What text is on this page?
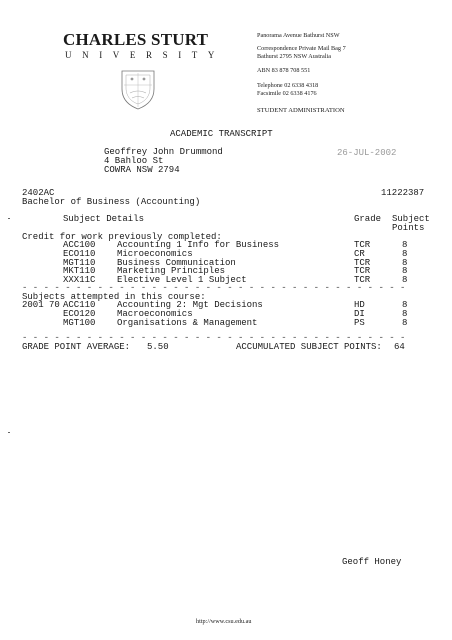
CHARLES STURT
UNIVERSITY
Panorama Avenue Bathurst NSW
Correspondence Private Mail Bag 7
Bathurst 2795 NSW Australia
ABN 83 878 708 551
Telephone 02 6338 4318
Facsimile 02 6338 4176
STUDENT ADMINISTRATION
ACADEMIC TRANSCRIPT
Geoffrey John Drummond
4 Bahloo St
COWRA NSW 2794
26-JUL-2002
2402AC
Bachelor of Business (Accounting)
11222387
Subject Details	Grade Subject
Points
Credit for work previously completed:
ACC100 Accounting 1 Info for Business	TCR	8
ECO110 Microeconomics	CR	8
MGT110 Business Communication	TCR	8
MKT110 Marketing Principles	TCR	8
XXX11C Elective Level 1 Subject	TCR	8
- - - - - - - - - - - - - - - - - - - - - - - - - - - - - - - - - - - -
Subjects attempted in this course:
2001 70 ACC110 Accounting 2: Mgt Decisions	HD	8
ECO120 Macroeconomics	DI	8
MGT100 Organisations & Management	PS	8
- - - - - - - - - - - - - - - - - - - - - - - - - - - - - - - - - - - -
GRADE POINT AVERAGE: 5.50	ACCUMULATED SUBJECT POINTS: 64
Geoff Honey
http://www.csu.edu.au
